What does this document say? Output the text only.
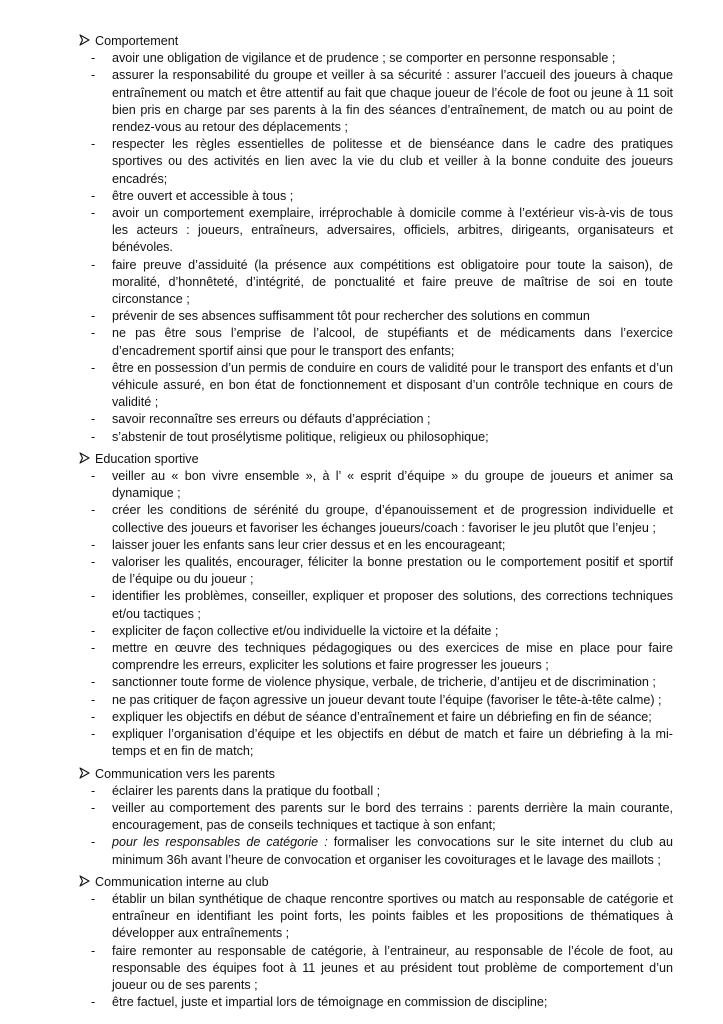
Comportement
- avoir une obligation de vigilance et de prudence ; se comporter en personne responsable ;
- assurer la responsabilité du groupe et veiller à sa sécurité : assurer l’accueil des joueurs à chaque entraînement ou match et être attentif au fait que chaque joueur de l’école de foot ou jeune à 11 soit bien pris en charge par ses parents à la fin des séances d’entraînement, de match ou au point de rendez-vous au retour des déplacements ;
- respecter les règles essentielles de politesse et de bienséance dans le cadre des pratiques sportives ou des activités en lien avec la vie du club et veiller à la bonne conduite des joueurs encadrés;
- être ouvert et accessible à tous ;
- avoir un comportement exemplaire, irréprochable à domicile comme à l’extérieur vis-à-vis de tous les acteurs : joueurs, entraîneurs, adversaires, officiels, arbitres, dirigeants, organisateurs et bénévoles.
- faire preuve d’assiduité (la présence aux compétitions est obligatoire pour toute la saison), de moralité, d’honnêteté, d’intégrité, de ponctualité et faire preuve de maîtrise de soi en toute circonstance ;
- prévenir de ses absences suffisamment tôt pour rechercher des solutions en commun
- ne pas être sous l’emprise de l’alcool, de stupéfiants et de médicaments dans l’exercice d’encadrement sportif ainsi que pour le transport des enfants;
- être en possession d’un permis de conduire en cours de validité pour le transport des enfants et d’un véhicule assuré, en bon état de fonctionnement et disposant d’un contrôle technique en cours de validité ;
- savoir reconnaître ses erreurs ou défauts d’appréciation ;
- s’abstenir de tout prosélytisme politique, religieux ou philosophique;
Education sportive
- veiller au « bon vivre ensemble », à l’ « esprit d’équipe » du groupe de joueurs et animer sa dynamique ;
- créer les conditions de sérénité du groupe, d’épanouissement et de progression individuelle et collective des joueurs et favoriser les échanges joueurs/coach : favoriser le jeu plutôt que l’enjeu ;
- laisser jouer les enfants sans leur crier dessus et en les encourageant;
- valoriser les qualités, encourager, féliciter la bonne prestation ou le comportement positif et sportif de l’équipe ou du joueur ;
- identifier les problèmes, conseiller, expliquer et proposer des solutions, des corrections techniques et/ou tactiques ;
- expliciter de façon collective et/ou individuelle la victoire et la défaite ;
- mettre en œuvre des techniques pédagogiques ou des exercices de mise en place pour faire comprendre les erreurs, expliciter les solutions et faire progresser les joueurs ;
- sanctionner toute forme de violence physique, verbale, de tricherie, d’antijeu et de discrimination ;
- ne pas critiquer de façon agressive un joueur devant toute l’équipe (favoriser le tête-à-tête calme) ;
- expliquer les objectifs en début de séance d’entraînement et faire un débriefing en fin de séance;
- expliquer l’organisation d’équipe et les objectifs en début de match et faire un débriefing à la mi-temps et en fin de match;
Communication vers les parents
- éclairer les parents dans la pratique du football ;
- veiller au comportement des parents sur le bord des terrains : parents derrière la main courante, encouragement, pas de conseils techniques et tactique à son enfant;
- pour les responsables de catégorie : formaliser les convocations sur le site internet du club au minimum 36h avant l’heure de convocation et organiser les covoiturages et le lavage des maillots ;
Communication interne au club
- établir un bilan synthétique de chaque rencontre sportives ou match au responsable de catégorie et entraîneur en identifiant les point forts, les points faibles et les propositions de thématiques à développer aux entraînements ;
- faire remonter au responsable de catégorie, à l’entraineur, au responsable de l’école de foot, au responsable des équipes foot à 11 jeunes et au président tout problème de comportement d’un joueur ou de ses parents ;
- être factuel, juste et impartial lors de témoignage en commission de discipline;
